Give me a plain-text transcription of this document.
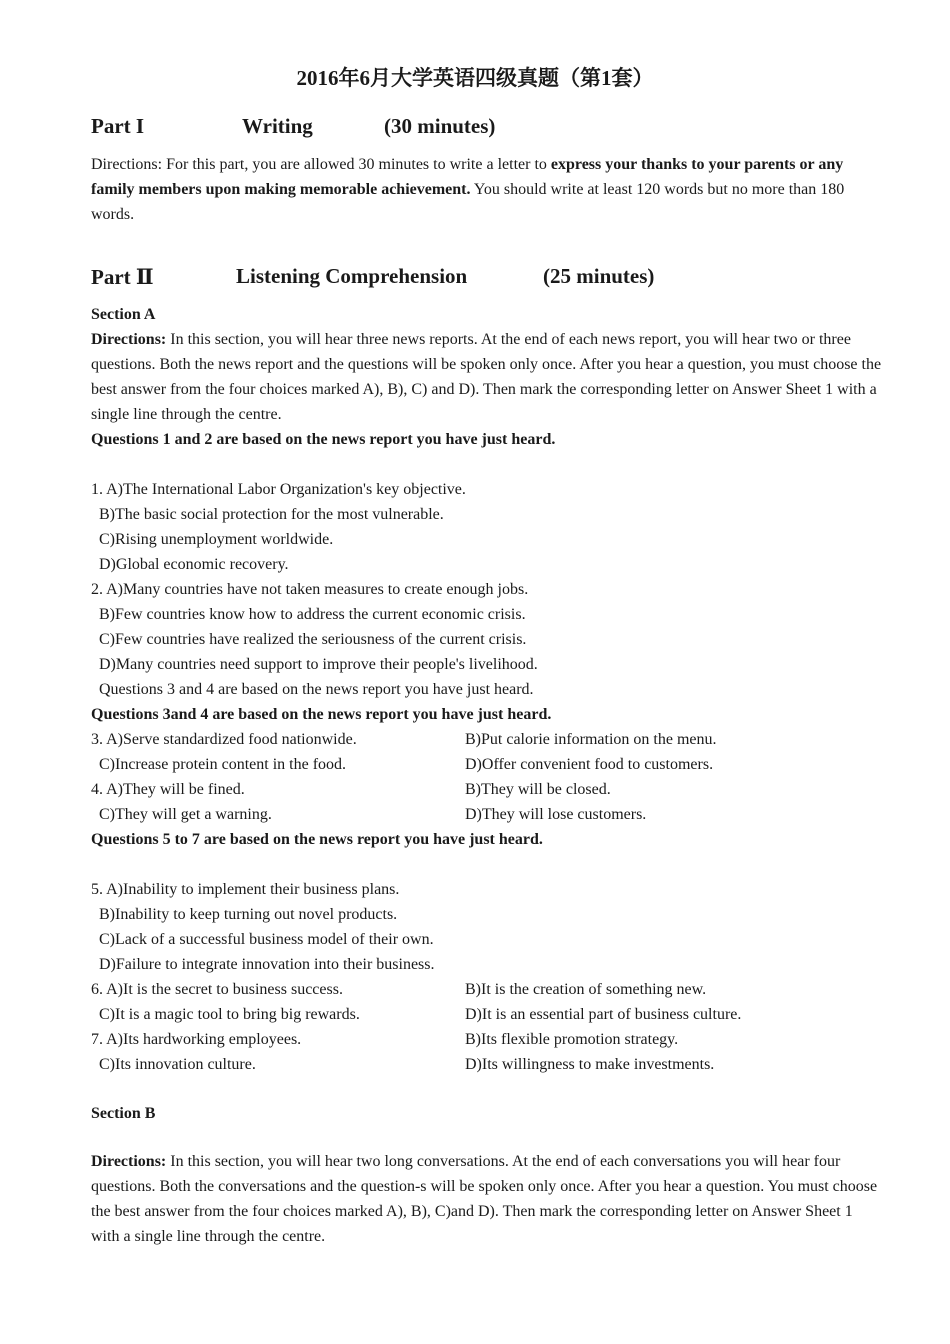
2016年6月大学英语四级真题（第1套）
Part I	Writing	(30 minutes)
Directions: For this part, you are allowed 30 minutes to write a letter to express your thanks to your parents or any family members upon making memorable achievement. You should write at least 120 words but no more than 180 words.
Part Ⅱ	Listening Comprehension	(25 minutes)
Section A
Directions: In this section, you will hear three news reports. At the end of each news report, you will hear two or three questions. Both the news report and the questions will be spoken only once. After you hear a question, you must choose the best answer from the four choices marked A), B), C) and D). Then mark the corresponding letter on Answer Sheet 1 with a single line through the centre.
Questions 1 and 2 are based on the news report you have just heard.
1. A)The International Labor Organization's key objective.
B)The basic social protection for the most vulnerable.
C)Rising unemployment worldwide.
D)Global economic recovery.
2. A)Many countries have not taken measures to create enough jobs.
B)Few countries know how to address the current economic crisis.
C)Few countries have realized the seriousness of the current crisis.
D)Many countries need support to improve their people's livelihood.
Questions 3 and 4 are based on the news report you have just heard.
Questions 3and 4 are based on the news report you have just heard.
3. A)Serve standardized food nationwide.	B)Put calorie information on the menu.
C)Increase protein content in the food.	D)Offer convenient food to customers.
4. A)They will be fined.	B)They will be closed.
C)They will get a warning.	D)They will lose customers.
Questions 5 to 7 are based on the news report you have just heard.
5. A)Inability to implement their business plans.
B)Inability to keep turning out novel products.
C)Lack of a successful business model of their own.
D)Failure to integrate innovation into their business.
6. A)It is the secret to business success.	B)It is the creation of something new.
C)It is a magic tool to bring big rewards.	D)It is an essential part of business culture.
7. A)Its hardworking employees.	B)Its flexible promotion strategy.
C)Its innovation culture.	D)Its willingness to make investments.
Section B
Directions: In this section, you will hear two long conversations. At the end of each conversations you will hear four questions. Both the conversations and the question-s will be spoken only once. After you hear a question. You must choose the best answer from the four choices marked A), B), C)and D). Then mark the corresponding letter on Answer Sheet 1 with a single line through the centre.
